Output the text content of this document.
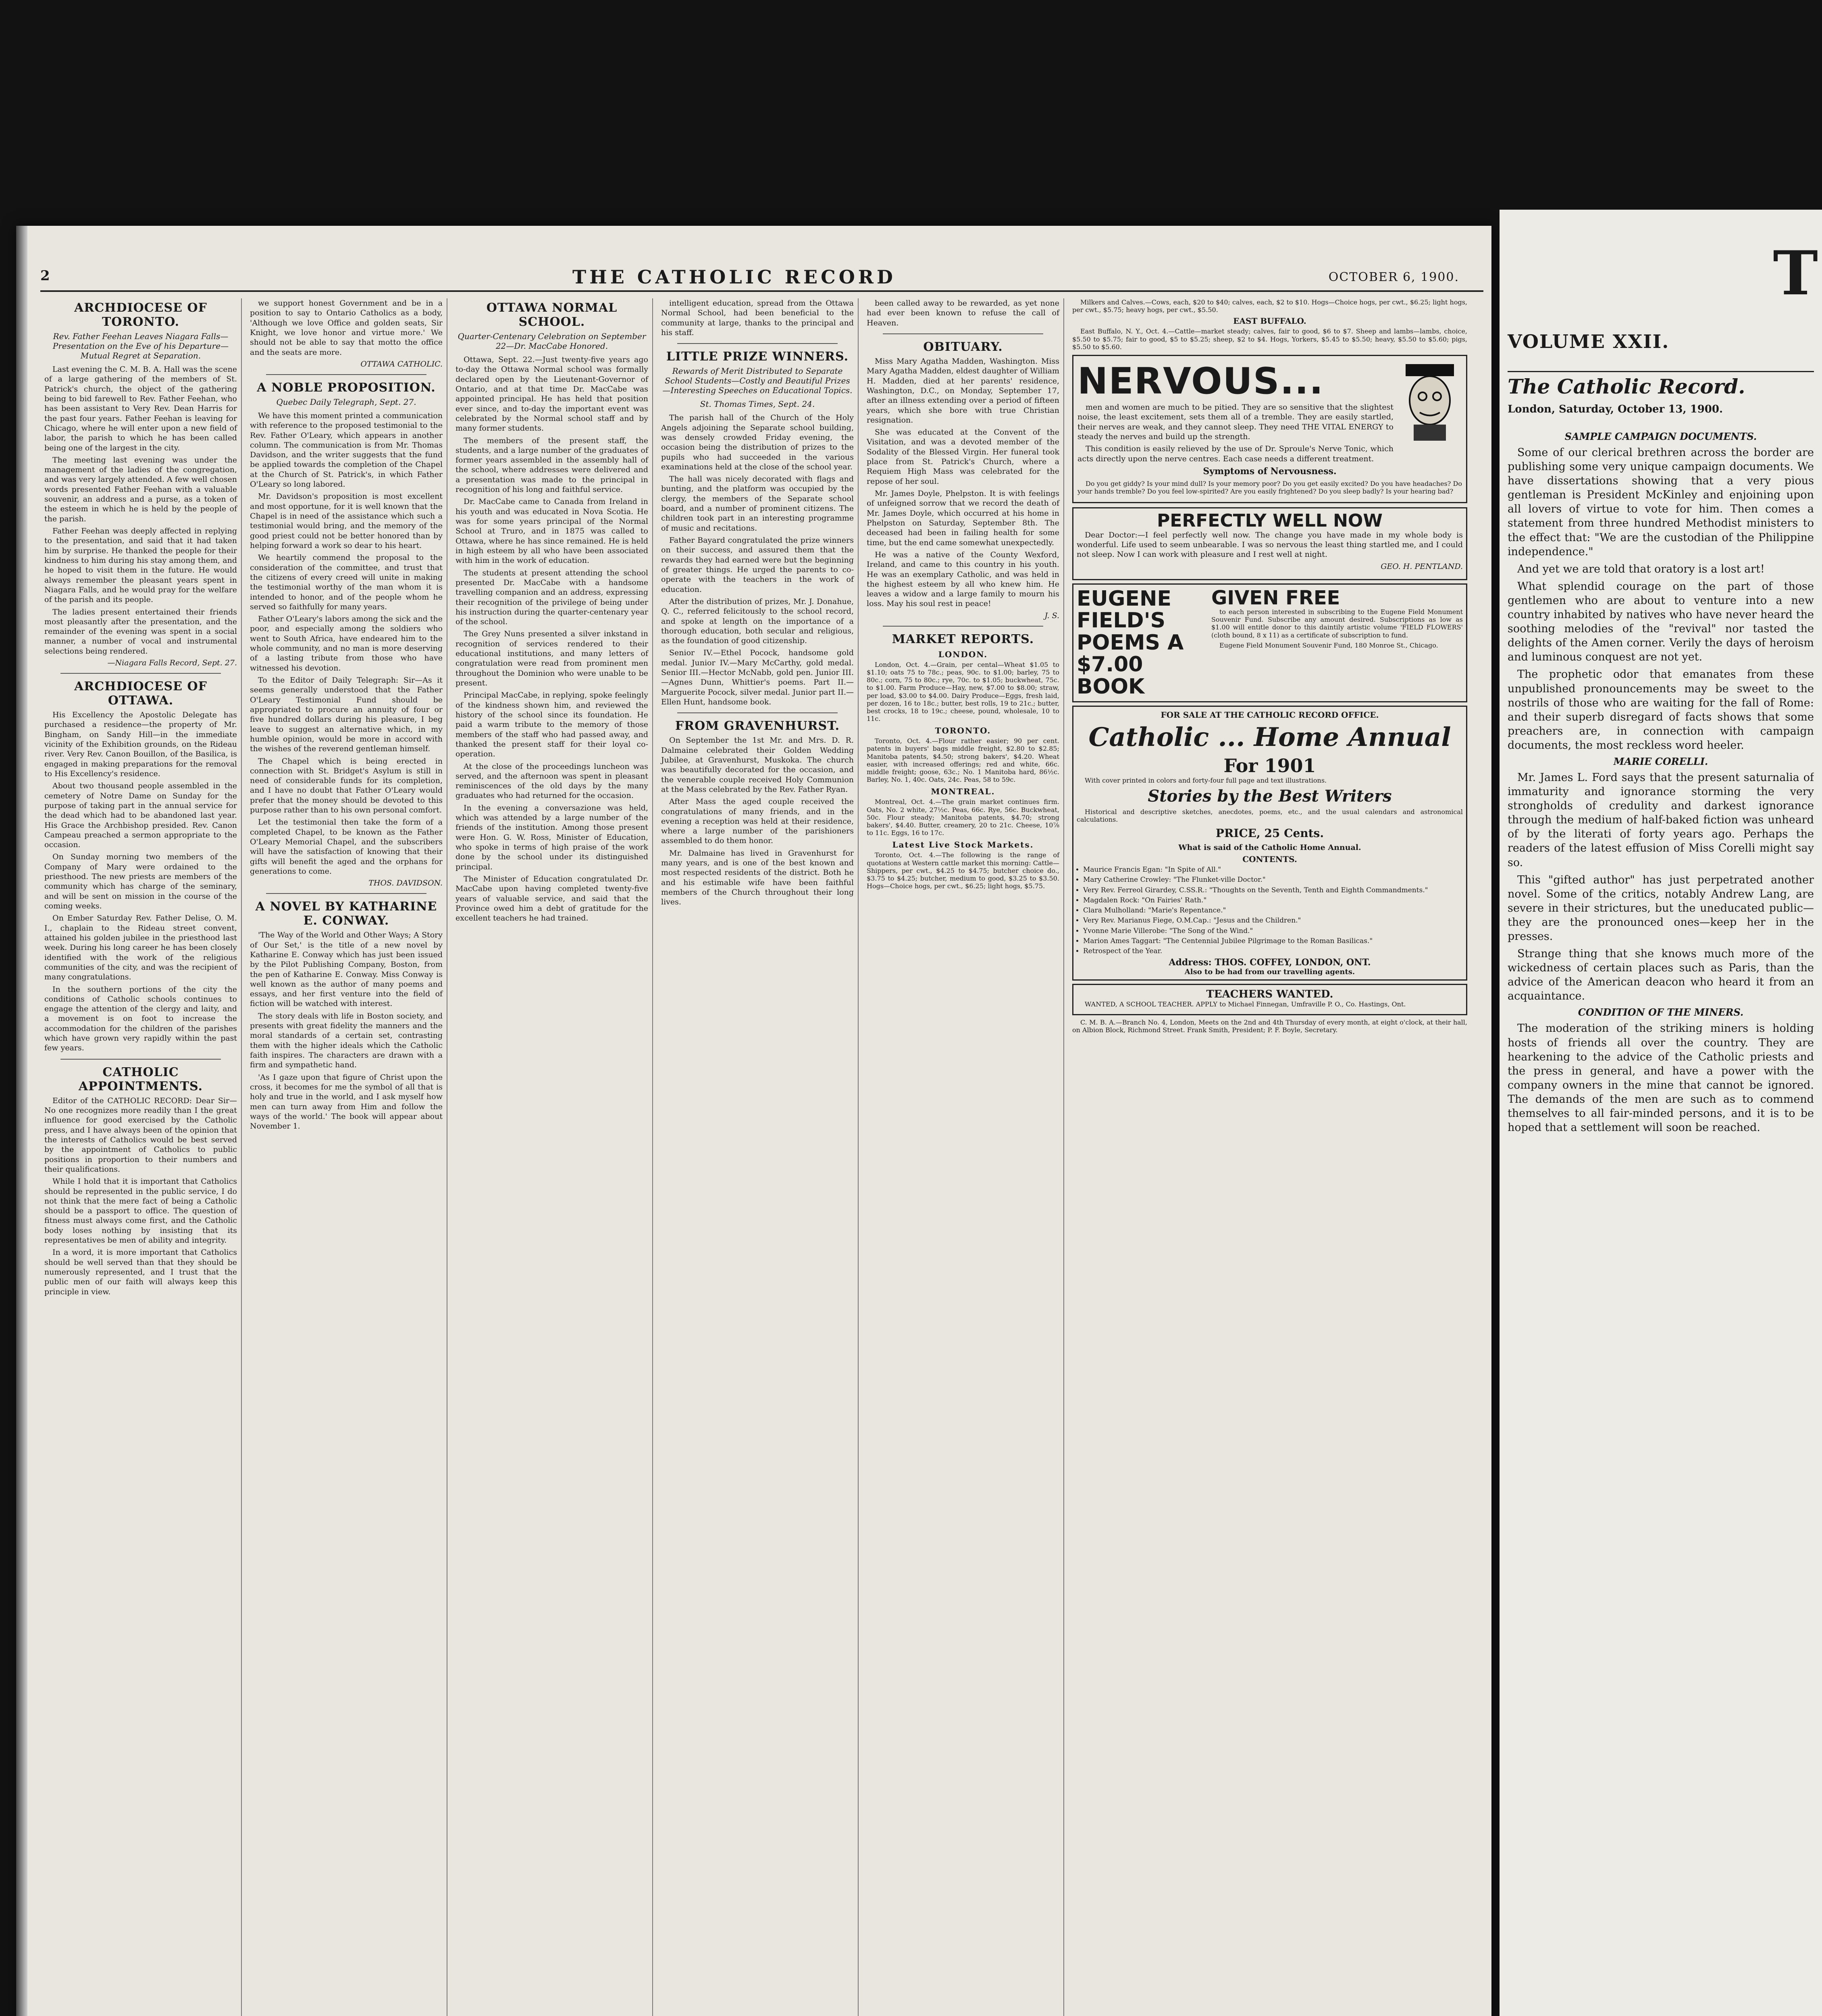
2	THE CATHOLIC RECORD	OCTOBER 6, 1900.
ARCHDIOCESE OF TORONTO.
Rev. Father Feehan Leaves Niagara Falls—Presentation on the Eve of his Departure—Mutual Regret at Separation.

Last evening the C. M. B. A. Hall was the scene of a large gathering of the members of St. Patrick's church, the object of the gathering being to bid farewell to Rev. Father Feehan, who has been assistant to Very Rev. Dean Harris for the past four years. Father Feehan is leaving for Chicago, where he will enter upon a new field of labor, the parish to which he has been called being one of the largest in the city.

The meeting last evening was under the management of the ladies of the congregation, and was very largely attended. A few well chosen words presented Father Feehan with a valuable souvenir, an address and a purse, as a token of the esteem in which he is held by the people of the parish.

Father Feehan was deeply affected in replying to the presentation, and said that it had taken him by surprise. He thanked the people for their kindness to him during his stay among them, and he hoped to visit them in the future. He would always remember the pleasant years spent in Niagara Falls, and he would pray for the welfare of the parish and its people.

The ladies present entertained their friends most pleasantly after the presentation, and the remainder of the evening was spent in a social manner, a number of vocal and instrumental selections being rendered.

—Niagara Falls Record, Sept. 27.
ARCHDIOCESE OF OTTAWA.

His Excellency the Apostolic Delegate has purchased a residence—the property of Mr. Bingham, on Sandy Hill—in the immediate vicinity of the Exhibition grounds, on the Rideau river. Very Rev. Canon Bouillon, of the Basilica, is engaged in making preparations for the removal to His Excellency's residence.

About two thousand people assembled in the cemetery of Notre Dame on Sunday for the purpose of taking part in the annual service for the dead which had to be abandoned last year. His Grace the Archbishop presided. Rev. Canon Campeau preached a sermon appropriate to the occasion.

On Sunday morning two members of the Company of Mary were ordained to the priesthood. The new priests are members of the community which has charge of the seminary, and will be sent on mission in the course of the coming weeks.

On Ember Saturday Rev. Father Delise, O. M. I., chaplain to the Rideau street convent, attained his golden jubilee in the priesthood last week. During his long career he has been closely identified with the work of the religious communities of the city, and was the recipient of many congratulations.

In the southern portions of the city the conditions of Catholic schools continues to engage the attention of the clergy and laity, and a movement is on foot to increase the accommodation for the children of the parishes which have grown very rapidly within the past few years.

CATHOLIC APPOINTMENTS.

Editor of the CATHOLIC RECORD: Dear Sir—No one recognizes more readily than I the great influence for good exercised by the Catholic press, and I have always been of the opinion that the interests of Catholics would be best served by the appointment of Catholics to public positions in proportion to their numbers and their qualifications.

While I hold that it is important that Catholics should be represented in the public service, I do not think that the mere fact of being a Catholic should be a passport to office. The question of fitness must always come first, and the Catholic body loses nothing by insisting that its representatives be men of ability and integrity.

In a word, it is more important that Catholics should be well served than that they should be numerously represented, and I trust that the public men of our faith will always keep this principle in view.

we support honest Government and be in a position to say to Ontario Catholics as a body, 'Although we love Office and golden seats, Sir Knight, we love honor and virtue more.' We should not be able to say that motto the office and the seats are more.

OTTAWA CATHOLIC.
A NOBLE PROPOSITION.
Quebec Daily Telegraph, Sept. 27.

We have this moment printed a communication with reference to the proposed testimonial to the Rev. Father O'Leary, which appears in another column. The communication is from Mr. Thomas Davidson, and the writer suggests that the fund be applied towards the completion of the Chapel at the Church of St. Patrick's, in which Father O'Leary so long labored.

Mr. Davidson's proposition is most excellent and most opportune, for it is well known that the Chapel is in need of the assistance which such a testimonial would bring, and the memory of the good priest could not be better honored than by helping forward a work so dear to his heart.

We heartily commend the proposal to the consideration of the committee, and trust that the citizens of every creed will unite in making the testimonial worthy of the man whom it is intended to honor, and of the people whom he served so faithfully for many years.

Father O'Leary's labors among the sick and the poor, and especially among the soldiers who went to South Africa, have endeared him to the whole community, and no man is more deserving of a lasting tribute from those who have witnessed his devotion.

To the Editor of Daily Telegraph: Sir—As it seems generally understood that the Father O'Leary Testimonial Fund should be appropriated to procure an annuity of four or five hundred dollars during his pleasure, I beg leave to suggest an alternative which, in my humble opinion, would be more in accord with the wishes of the reverend gentleman himself.

The Chapel which is being erected in connection with St. Bridget's Asylum is still in need of considerable funds for its completion, and I have no doubt that Father O'Leary would prefer that the money should be devoted to this purpose rather than to his own personal comfort.

Let the testimonial then take the form of a completed Chapel, to be known as the Father O'Leary Memorial Chapel, and the subscribers will have the satisfaction of knowing that their gifts will benefit the aged and the orphans for generations to come.

THOS. DAVIDSON.
A NOVEL BY KATHARINE E. CONWAY.

'The Way of the World and Other Ways; A Story of Our Set,' is the title of a new novel by Katharine E. Conway which has just been issued by the Pilot Publishing Company, Boston, from the pen of Katharine E. Conway. Miss Conway is well known as the author of many poems and essays, and her first venture into the field of fiction will be watched with interest.

The story deals with life in Boston society, and presents with great fidelity the manners and the moral standards of a certain set, contrasting them with the higher ideals which the Catholic faith inspires. The characters are drawn with a firm and sympathetic hand.

'As I gaze upon that figure of Christ upon the cross, it becomes for me the symbol of all that is holy and true in the world, and I ask myself how men can turn away from Him and follow the ways of the world.' The book will appear about November 1.

OTTAWA NORMAL SCHOOL.
Quarter-Centenary Celebration on September 22—Dr. MacCabe Honored.

Ottawa, Sept. 22.—Just twenty-five years ago to-day the Ottawa Normal school was formally declared open by the Lieutenant-Governor of Ontario, and at that time Dr. MacCabe was appointed principal. He has held that position ever since, and to-day the important event was celebrated by the Normal school staff and by many former students.

The members of the present staff, the students, and a large number of the graduates of former years assembled in the assembly hall of the school, where addresses were delivered and a presentation was made to the principal in recognition of his long and faithful service.

Dr. MacCabe came to Canada from Ireland in his youth and was educated in Nova Scotia. He was for some years principal of the Normal School at Truro, and in 1875 was called to Ottawa, where he has since remained. He is held in high esteem by all who have been associated with him in the work of education.

The students at present attending the school presented Dr. MacCabe with a handsome travelling companion and an address, expressing their recognition of the privilege of being under his instruction during the quarter-centenary year of the school.

The Grey Nuns presented a silver inkstand in recognition of services rendered to their educational institutions, and many letters of congratulation were read from prominent men throughout the Dominion who were unable to be present.

Principal MacCabe, in replying, spoke feelingly of the kindness shown him, and reviewed the history of the school since its foundation. He paid a warm tribute to the memory of those members of the staff who had passed away, and thanked the present staff for their loyal co-operation.

At the close of the proceedings luncheon was served, and the afternoon was spent in pleasant reminiscences of the old days by the many graduates who had returned for the occasion.

In the evening a conversazione was held, which was attended by a large number of the friends of the institution. Among those present were Hon. G. W. Ross, Minister of Education, who spoke in terms of high praise of the work done by the school under its distinguished principal.

The Minister of Education congratulated Dr. MacCabe upon having completed twenty-five years of valuable service, and said that the Province owed him a debt of gratitude for the excellent teachers he had trained.

intelligent education, spread from the Ottawa Normal School, had been beneficial to the community at large, thanks to the principal and his staff.

LITTLE PRIZE WINNERS.
Rewards of Merit Distributed to Separate School Students—Costly and Beautiful Prizes—Interesting Speeches on Educational Topics.
St. Thomas Times, Sept. 24.

The parish hall of the Church of the Holy Angels adjoining the Separate school building, was densely crowded Friday evening, the occasion being the distribution of prizes to the pupils who had succeeded in the various examinations held at the close of the school year.

The hall was nicely decorated with flags and bunting, and the platform was occupied by the clergy, the members of the Separate school board, and a number of prominent citizens. The children took part in an interesting programme of music and recitations.

Father Bayard congratulated the prize winners on their success, and assured them that the rewards they had earned were but the beginning of greater things. He urged the parents to co-operate with the teachers in the work of education.

After the distribution of prizes, Mr. J. Donahue, Q. C., referred felicitously to the school record, and spoke at length on the importance of a thorough education, both secular and religious, as the foundation of good citizenship.

Senior IV.—Ethel Pocock, handsome gold medal. Junior IV.—Mary McCarthy, gold medal. Senior III.—Hector McNabb, gold pen. Junior III.—Agnes Dunn, Whittier's poems. Part II.—Marguerite Pocock, silver medal. Junior part II.—Ellen Hunt, handsome book.

FROM GRAVENHURST.

On September the 1st Mr. and Mrs. D. R. Dalmaine celebrated their Golden Wedding Jubilee, at Gravenhurst, Muskoka. The church was beautifully decorated for the occasion, and the venerable couple received Holy Communion at the Mass celebrated by the Rev. Father Ryan.

After Mass the aged couple received the congratulations of many friends, and in the evening a reception was held at their residence, where a large number of the parishioners assembled to do them honor.

Mr. Dalmaine has lived in Gravenhurst for many years, and is one of the best known and most respected residents of the district. Both he and his estimable wife have been faithful members of the Church throughout their long lives.

been called away to be rewarded, as yet none had ever been known to refuse the call of Heaven.

OBITUARY.

Miss Mary Agatha Madden, Washington. Miss Mary Agatha Madden, eldest daughter of William H. Madden, died at her parents' residence, Washington, D.C., on Monday, September 17, after an illness extending over a period of fifteen years, which she bore with true Christian resignation.

She was educated at the Convent of the Visitation, and was a devoted member of the Sodality of the Blessed Virgin. Her funeral took place from St. Patrick's Church, where a Requiem High Mass was celebrated for the repose of her soul.

Mr. James Doyle, Phelpston. It is with feelings of unfeigned sorrow that we record the death of Mr. James Doyle, which occurred at his home in Phelpston on Saturday, September 8th. The deceased had been in failing health for some time, but the end came somewhat unexpectedly.

He was a native of the County Wexford, Ireland, and came to this country in his youth. He was an exemplary Catholic, and was held in the highest esteem by all who knew him. He leaves a widow and a large family to mourn his loss. May his soul rest in peace!

J. S.
MARKET REPORTS.
LONDON.

London, Oct. 4.—Grain, per cental—Wheat $1.05 to $1.10; oats 75 to 78c.; peas, 90c. to $1.00; barley, 75 to 80c.; corn, 75 to 80c.; rye, 70c. to $1.05; buckwheat, 75c. to $1.00. Farm Produce—Hay, new, $7.00 to $8.00; straw, per load, $3.00 to $4.00. Dairy Produce—Eggs, fresh laid, per dozen, 16 to 18c.; butter, best rolls, 19 to 21c.; butter, best crocks, 18 to 19c.; cheese, pound, wholesale, 10 to 11c.

TORONTO.

Toronto, Oct. 4.—Flour rather easier; 90 per cent. patents in buyers' bags middle freight, $2.80 to $2.85; Manitoba patents, $4.50; strong bakers', $4.20. Wheat easier, with increased offerings; red and white, 66c. middle freight; goose, 63c.; No. 1 Manitoba hard, 86½c. Barley, No. 1, 40c. Oats, 24c. Peas, 58 to 59c.

MONTREAL.

Montreal, Oct. 4.—The grain market continues firm. Oats, No. 2 white, 27½c. Peas, 66c. Rye, 56c. Buckwheat, 50c. Flour steady; Manitoba patents, $4.70; strong bakers', $4.40. Butter, creamery, 20 to 21c. Cheese, 10⅞ to 11c. Eggs, 16 to 17c.

Latest Live Stock Markets.

Toronto, Oct. 4.—The following is the range of quotations at Western cattle market this morning: Cattle—Shippers, per cwt., $4.25 to $4.75; butcher choice do., $3.75 to $4.25; butcher, medium to good, $3.25 to $3.50. Hogs—Choice hogs, per cwt., $6.25; light hogs, $5.75.

Milkers and Calves.—Cows, each, $20 to $40; calves, each, $2 to $10. Hogs—Choice hogs, per cwt., $6.25; light hogs, per cwt., $5.75; heavy hogs, per cwt., $5.50.

EAST BUFFALO.

East Buffalo, N. Y., Oct. 4.—Cattle—market steady; calves, fair to good, $6 to $7. Sheep and lambs—lambs, choice, $5.50 to $5.75; fair to good, $5 to $5.25; sheep, $2 to $4. Hogs, Yorkers, $5.45 to $5.50; heavy, $5.50 to $5.60; pigs, $5.50 to $5.60.

NERVOUS...

men and women are much to be pitied. They are so sensitive that the slightest noise, the least excitement, sets them all of a tremble. They are easily startled, their nerves are weak, and they cannot sleep. They need THE VITAL ENERGY to steady the nerves and build up the strength.

This condition is easily relieved by the use of Dr. Sproule's Nerve Tonic, which acts directly upon the nerve centres. Each case needs a different treatment.

Symptoms of Nervousness.

Do you get giddy? Is your mind dull? Is your memory poor? Do you get easily excited? Do you have headaches? Do your hands tremble? Do you feel low-spirited? Are you easily frightened? Do you sleep badly? Is your hearing bad?

PERFECTLY WELL NOW

Dear Doctor:—I feel perfectly well now. The change you have made in my whole body is wonderful. Life used to seem unbearable. I was so nervous the least thing startled me, and I could not sleep. Now I can work with pleasure and I rest well at night.

GEO. H. PENTLAND.
EUGENE FIELD'S POEMS A $7.00 BOOK
GIVEN FREE

to each person interested in subscribing to the Eugene Field Monument Souvenir Fund. Subscribe any amount desired. Subscriptions as low as $1.00 will entitle donor to this daintily artistic volume 'FIELD FLOWERS' (cloth bound, 8 x 11) as a certificate of subscription to fund.

Eugene Field Monument Souvenir Fund, 180 Monroe St., Chicago.

FOR SALE AT THE CATHOLIC RECORD OFFICE.
Catholic ... Home Annual
For 1901

With cover printed in colors and forty-four full page and text illustrations.

Stories by the Best Writers

Historical and descriptive sketches, anecdotes, poems, etc., and the usual calendars and astronomical calculations.

PRICE, 25 Cents.
What is said of the Catholic Home Annual.
CONTENTS.
• Maurice Francis Egan: "In Spite of All."
• Mary Catherine Crowley: "The Flunket-ville Doctor."
• Very Rev. Ferreol Girardey, C.SS.R.: "Thoughts on the Seventh, Tenth and Eighth Commandments."
• Magdalen Rock: "On Fairies' Rath."
• Clara Mulholland: "Marie's Repentance."
• Very Rev. Marianus Fiege, O.M.Cap.: "Jesus and the Children."
• Yvonne Marie Villerobe: "The Song of the Wind."
• Marion Ames Taggart: "The Centennial Jubilee Pilgrimage to the Roman Basilicas."
• Retrospect of the Year.
Address: THOS. COFFEY, LONDON, ONT.
Also to be had from our travelling agents.
TEACHERS WANTED.

WANTED, A SCHOOL TEACHER. APPLY to Michael Finnegan, Umfraville P. O., Co. Hastings, Ont.

C. M. B. A.—Branch No. 4, London, Meets on the 2nd and 4th Thursday of every month, at eight o'clock, at their hall, on Albion Block, Richmond Street. Frank Smith, President; P. F. Boyle, Secretary.

T
VOLUME XXII.
The Catholic Record.
London, Saturday, October 13, 1900.
SAMPLE CAMPAIGN DOCUMENTS.

Some of our clerical brethren across the border are publishing some very unique campaign documents. We have dissertations showing that a very pious gentleman is President McKinley and enjoining upon all lovers of virtue to vote for him. Then comes a statement from three hundred Methodist ministers to the effect that: "We are the custodian of the Philippine independence."

And yet we are told that oratory is a lost art!

What splendid courage on the part of those gentlemen who are about to venture into a new country inhabited by natives who have never heard the soothing melodies of the "revival" nor tasted the delights of the Amen corner. Verily the days of heroism and luminous conquest are not yet.

The prophetic odor that emanates from these unpublished pronouncements may be sweet to the nostrils of those who are waiting for the fall of Rome: and their superb disregard of facts shows that some preachers are, in connection with campaign documents, the most reckless word heeler.

MARIE CORELLI.

Mr. James L. Ford says that the present saturnalia of immaturity and ignorance storming the very strongholds of credulity and darkest ignorance through the medium of half-baked fiction was unheard of by the literati of forty years ago. Perhaps the readers of the latest effusion of Miss Corelli might say so.

This "gifted author" has just perpetrated another novel. Some of the critics, notably Andrew Lang, are severe in their strictures, but the uneducated public—they are the pronounced ones—keep her in the presses.

Strange thing that she knows much more of the wickedness of certain places such as Paris, than the advice of the American deacon who heard it from an acquaintance.

CONDITION OF THE MINERS.

The moderation of the striking miners is holding hosts of friends all over the country. They are hearkening to the advice of the Catholic priests and the press in general, and have a power with the company owners in the mine that cannot be ignored. The demands of the men are such as to commend themselves to all fair-minded persons, and it is to be hoped that a settlement will soon be reached.
